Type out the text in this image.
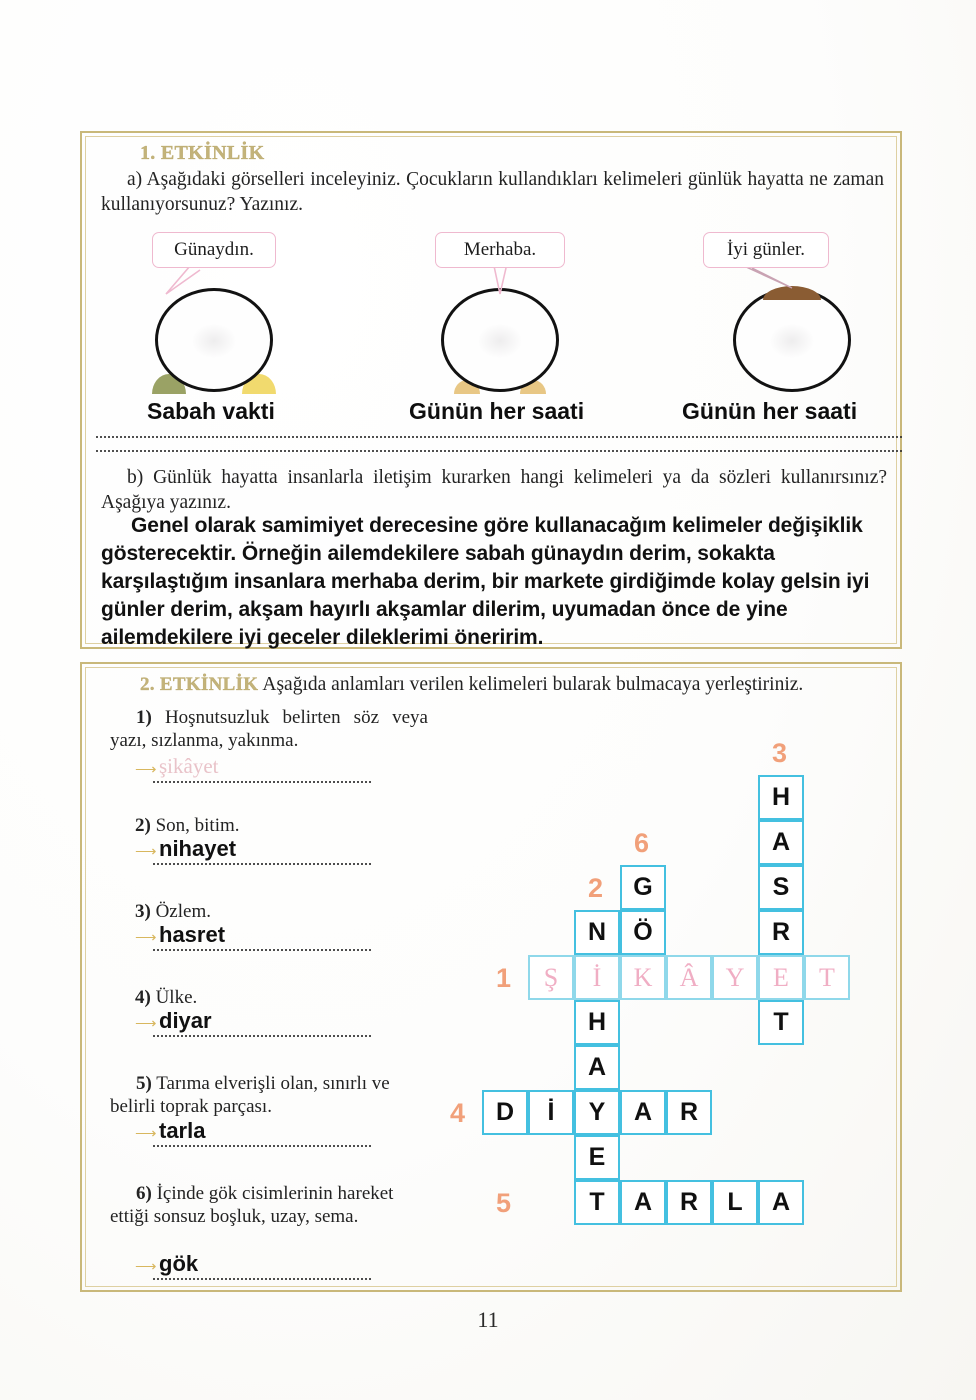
1. ETKİNLİK
a) Aşağıdaki görselleri inceleyiniz. Çocukların kullandıkları kelimeleri günlük hayatta ne zaman kullanıyorsunuz? Yazınız.
Günaydın.	Merhaba.	İyi günler.
Sabah vakti	Günün her saati	Günün her saati
b) Günlük hayatta insanlarla iletişim kurarken hangi kelimeleri ya da sözleri kullanırsınız? Aşağıya yazınız.
Genel olarak samimiyet derecesine göre kullanacağım kelimeler değişiklik gösterecektir. Örneğin ailemdekilere sabah günaydın derim, sokakta karşılaştığım insanlara merhaba derim, bir markete girdiğimde kolay gelsin iyi günler derim, akşam hayırlı akşamlar dilerim, uyumadan önce de yine ailemdekilere iyi geceler dileklerimi öneririm.
2. ETKİNLİK Aşağıda anlamları verilen kelimeleri bularak bulmacaya yerleştiriniz.
1) Hoşnutsuzluk belirten söz veya yazı, sızlanma, yakınma.
⟶ şikâyet
2) Son, bitim.
⟶ nihayet
3) Özlem.
⟶ hasret
4) Ülke.
⟶ diyar
5) Tarıma elverişli olan, sınırlı ve belirli toprak parçası.
⟶ tarla
6) İçinde gök cisimlerinin hareket ettiği sonsuz boşluk, uzay, sema.
⟶ gök
H
A
G	S
N	Ö	R
Ş	İ	K	Â	Y	E	T
H	T
A
D	İ	Y	A	R
E
T	A	R	L	A
1
2
3
4
5
6
11
